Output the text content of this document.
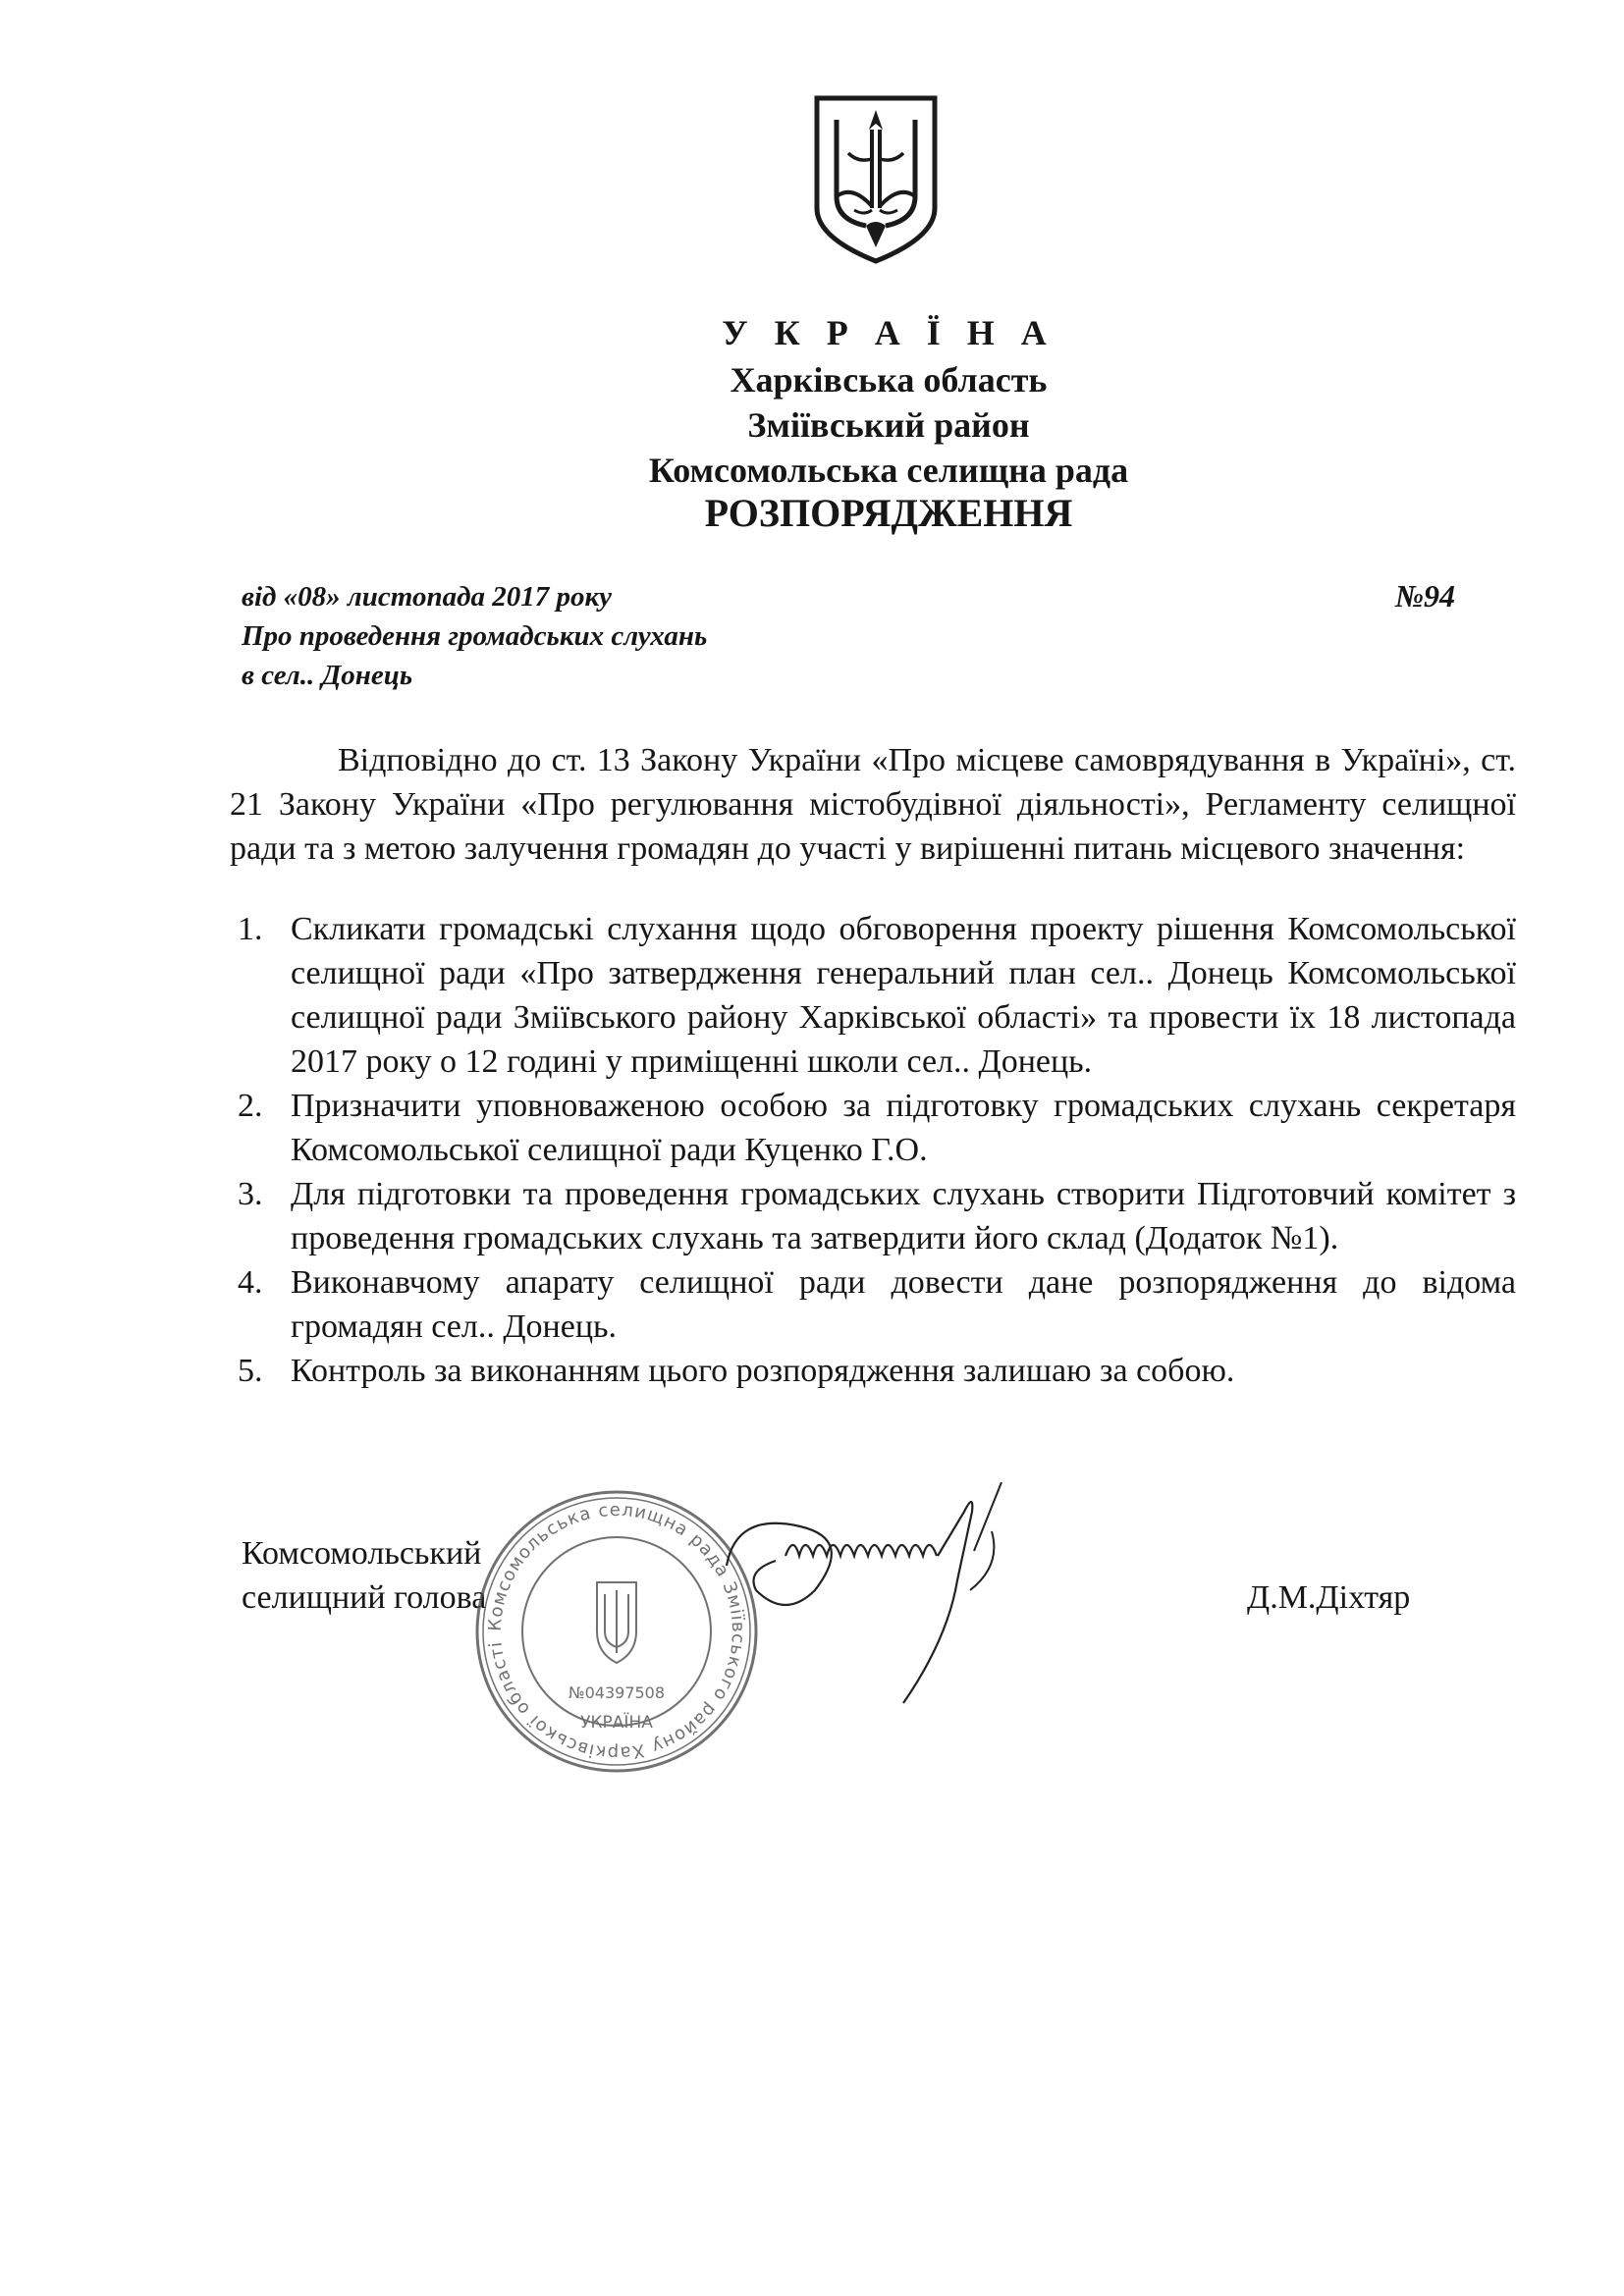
У К Р А Ї Н А
Харківська область
Зміївський район
Комсомольська селищна рада
РОЗПОРЯДЖЕННЯ
від «08» листопада 2017 року	№94
Про проведення громадських слухань
в сел.. Донець

Відповідно до ст. 13 Закону України «Про місцеве самоврядування в Україні», ст. 21 Закону України «Про регулювання містобудівної діяльності», Регламенту селищної ради та з метою залучення громадян до участі у вирішенні питань місцевого значення:

1. Скликати громадські слухання щодо обговорення проекту рішення Комсомольської селищної ради «Про затвердження генеральний план сел.. Донець Комсомольської селищної ради Зміївського району Харківської області» та провести їх 18 листопада 2017 року о 12 годині у приміщенні школи сел.. Донець.
2. Призначити уповноваженою особою за підготовку громадських слухань секретаря Комсомольської селищної ради Куценко Г.О.
3. Для підготовки та проведення громадських слухань створити Підготовчий комітет з проведення громадських слухань та затвердити його склад (Додаток №1).
4. Виконавчому апарату селищної ради довести дане розпорядження до відома громадян сел.. Донець.
5. Контроль за виконанням цього розпорядження залишаю за собою.
Комсомольський
селищний голова	Д.М.Діхтяр
Комсомольська селищна рада Зміївського району Харківської області
№04397508
УКРАЇНА
